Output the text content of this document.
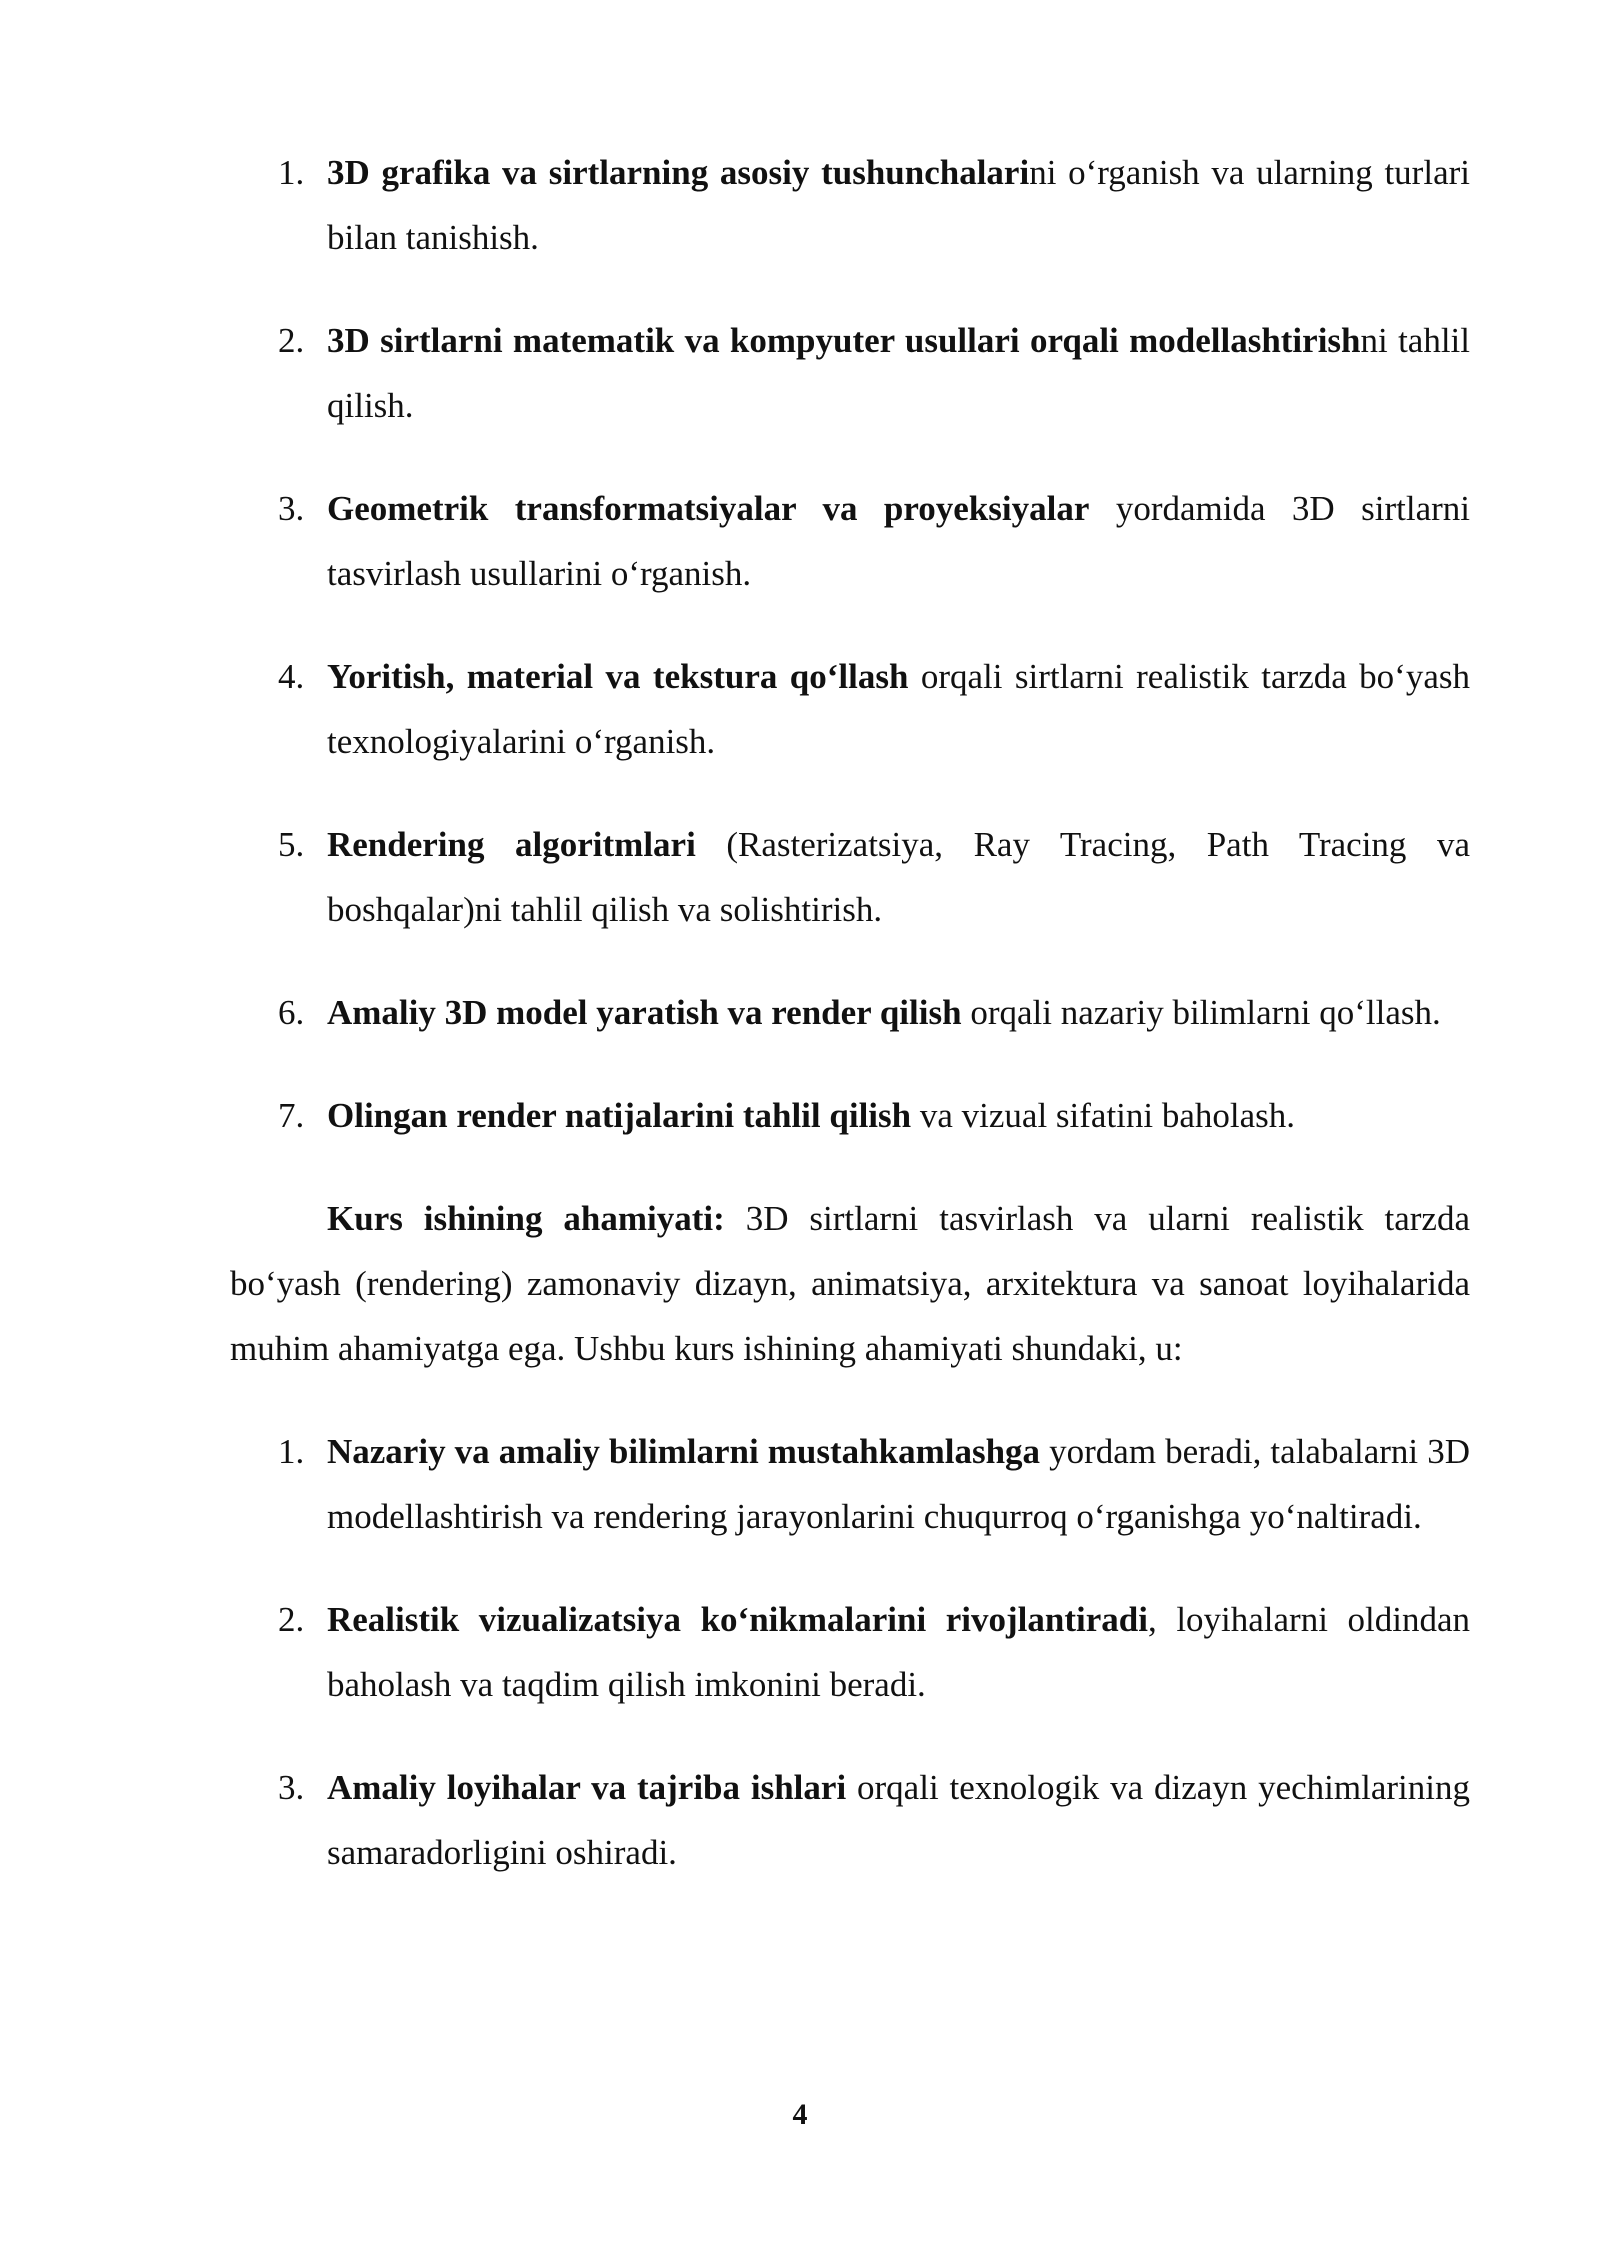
1. 3D grafika va sirtlarning asosiy tushunchalarini o‘rganish va ularning turlari bilan tanishish.
2. 3D sirtlarni matematik va kompyuter usullari orqali modellashtirishni tahlil qilish.
3. Geometrik transformatsiyalar va proyeksiyalar yordamida 3D sirtlarni tasvirlash usullarini o‘rganish.
4. Yoritish, material va tekstura qo‘llash orqali sirtlarni realistik tarzda bo‘yash texnologiyalarini o‘rganish.
5. Rendering algoritmlari (Rasterizatsiya, Ray Tracing, Path Tracing va boshqalar)ni tahlil qilish va solishtirish.
6. Amaliy 3D model yaratish va render qilish orqali nazariy bilimlarni qo‘llash.
7. Olingan render natijalarini tahlil qilish va vizual sifatini baholash.

Kurs ishining ahamiyati: 3D sirtlarni tasvirlash va ularni realistik tarzda bo‘yash (rendering) zamonaviy dizayn, animatsiya, arxitektura va sanoat loyihalarida muhim ahamiyatga ega. Ushbu kurs ishining ahamiyati shundaki, u:

1. Nazariy va amaliy bilimlarni mustahkamlashga yordam beradi, talabalarni 3D modellashtirish va rendering jarayonlarini chuqurroq o‘rganishga yo‘naltiradi.
2. Realistik vizualizatsiya ko‘nikmalarini rivojlantiradi, loyihalarni oldindan baholash va taqdim qilish imkonini beradi.
3. Amaliy loyihalar va tajriba ishlari orqali texnologik va dizayn yechimlarining samaradorligini oshiradi.
4
